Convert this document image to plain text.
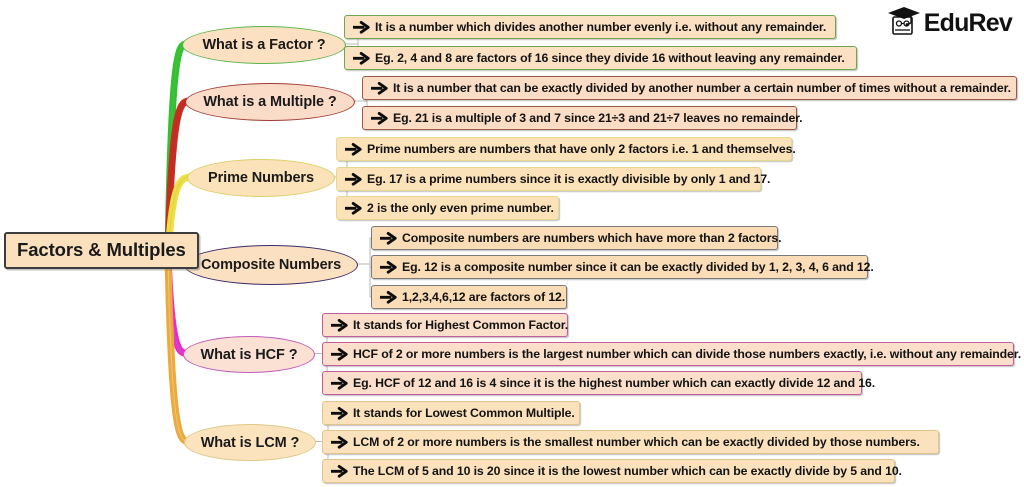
Factors & Multiples
What is a Factor ?
It is a number which divides another number evenly i.e. without any remainder.
Eg. 2, 4 and 8 are factors of 16 since they divide 16 without leaving any remainder.
What is a Multiple ?
It is a number that can be exactly divided by another number a certain number of times without a remainder.
Eg. 21 is a multiple of 3 and 7 since 21÷3 and 21÷7 leaves no remainder.
Prime Numbers
Prime numbers are numbers that have only 2 factors i.e. 1 and themselves.
Eg. 17 is a prime numbers since it is exactly divisible by only 1 and 17.
2 is the only even prime number.
Composite Numbers
Composite numbers are numbers which have more than 2 factors.
Eg. 12 is a composite number since it can be exactly divided by 1, 2, 3, 4, 6 and 12.
1,2,3,4,6,12 are factors of 12.
What is HCF ?
It stands for Highest Common Factor.
HCF of 2 or more numbers is the largest number which can divide those numbers exactly, i.e. without any remainder.
Eg. HCF of 12 and 16 is 4 since it is the highest number which can exactly divide 12 and 16.
What is LCM ?
It stands for Lowest Common Multiple.
LCM of 2 or more numbers is the smallest number which can be exactly divided by those numbers.
The LCM of 5 and 10 is 20 since it is the lowest number which can be exactly divide by 5 and 10.
EduRev
